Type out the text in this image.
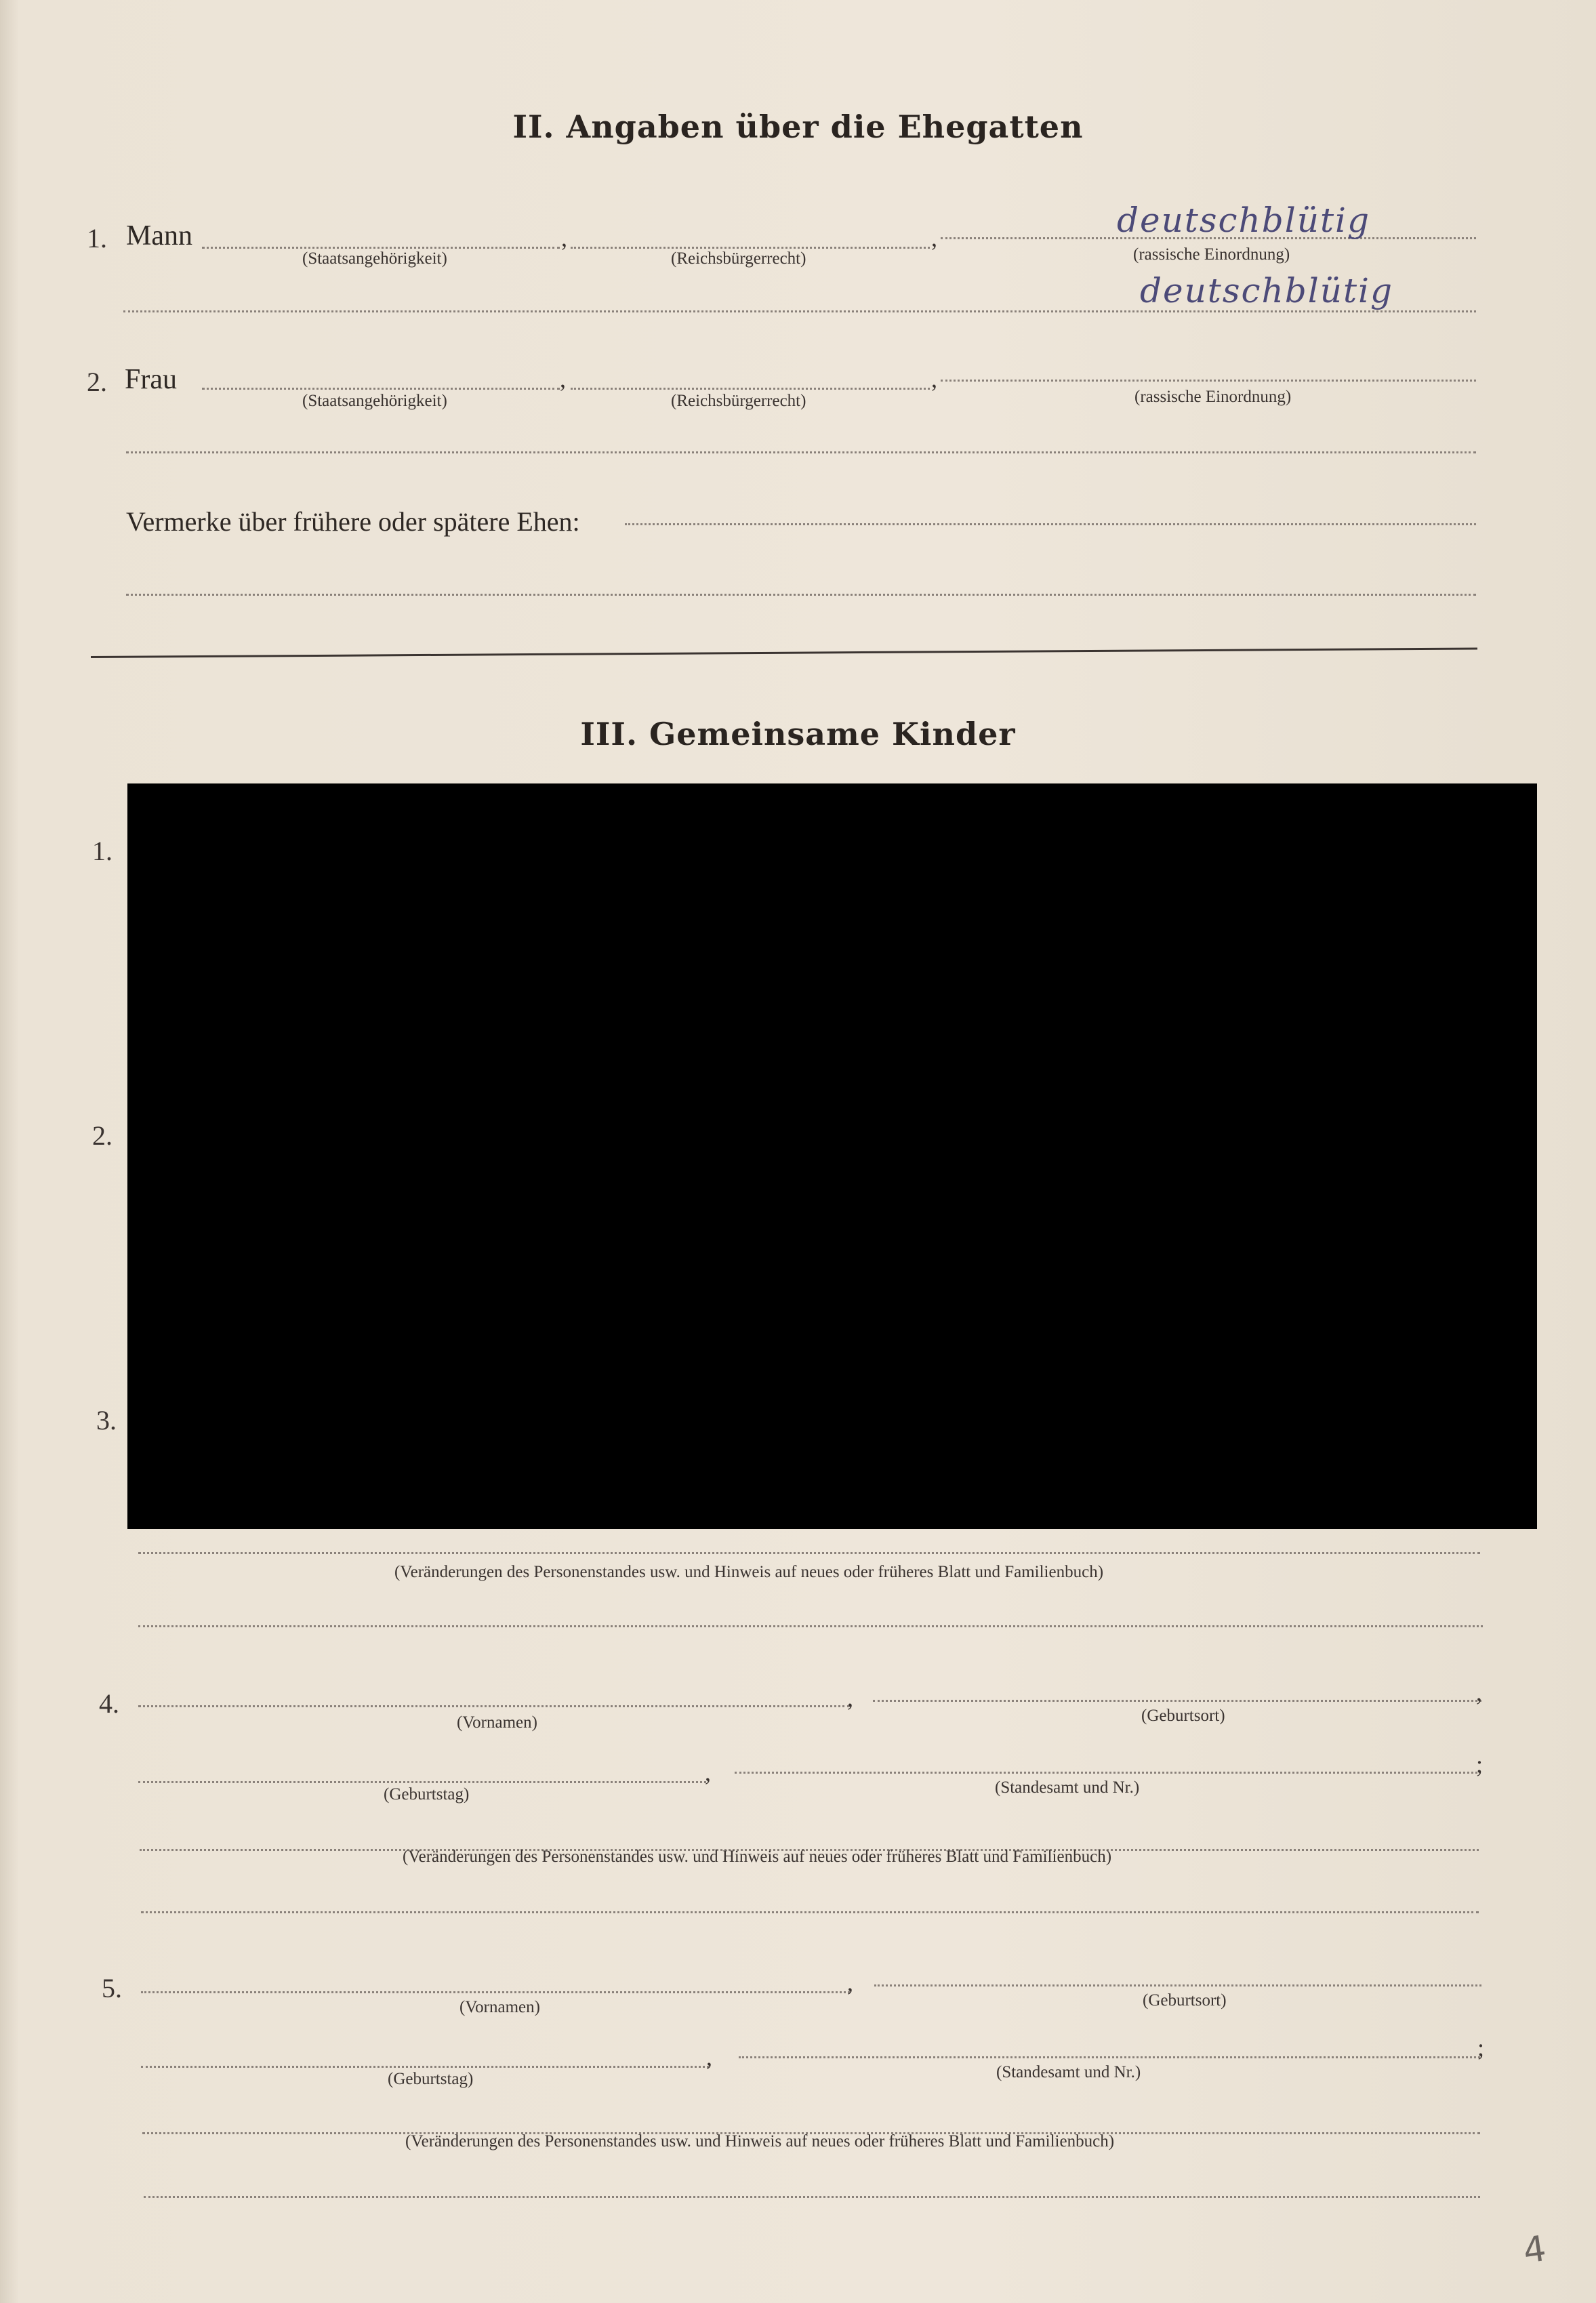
II. Angaben über die Ehegatten
1. Mann	,	,
(Staatsangehörigkeit)	(Reichsbürgerrecht)	(rassische Einordnung)
deutschblütig
deutschblütig
2. Frau	,	,
(Staatsangehörigkeit)	(Reichsbürgerrecht)	(rassische Einordnung)
Vermerke über frühere oder spätere Ehen:
III. Gemeinsame Kinder
1.
2.
3.
(Veränderungen des Personenstandes usw. und Hinweis auf neues oder früheres Blatt und Familienbuch)
4.	,	,
(Vornamen)	(Geburtsort)
,	;
(Geburtstag)	(Standesamt und Nr.)
(Veränderungen des Personenstandes usw. und Hinweis auf neues oder früheres Blatt und Familienbuch)
5.	,
(Vornamen)	(Geburtsort)
,	;
(Geburtstag)	(Standesamt und Nr.)
(Veränderungen des Personenstandes usw. und Hinweis auf neues oder früheres Blatt und Familienbuch)
4
